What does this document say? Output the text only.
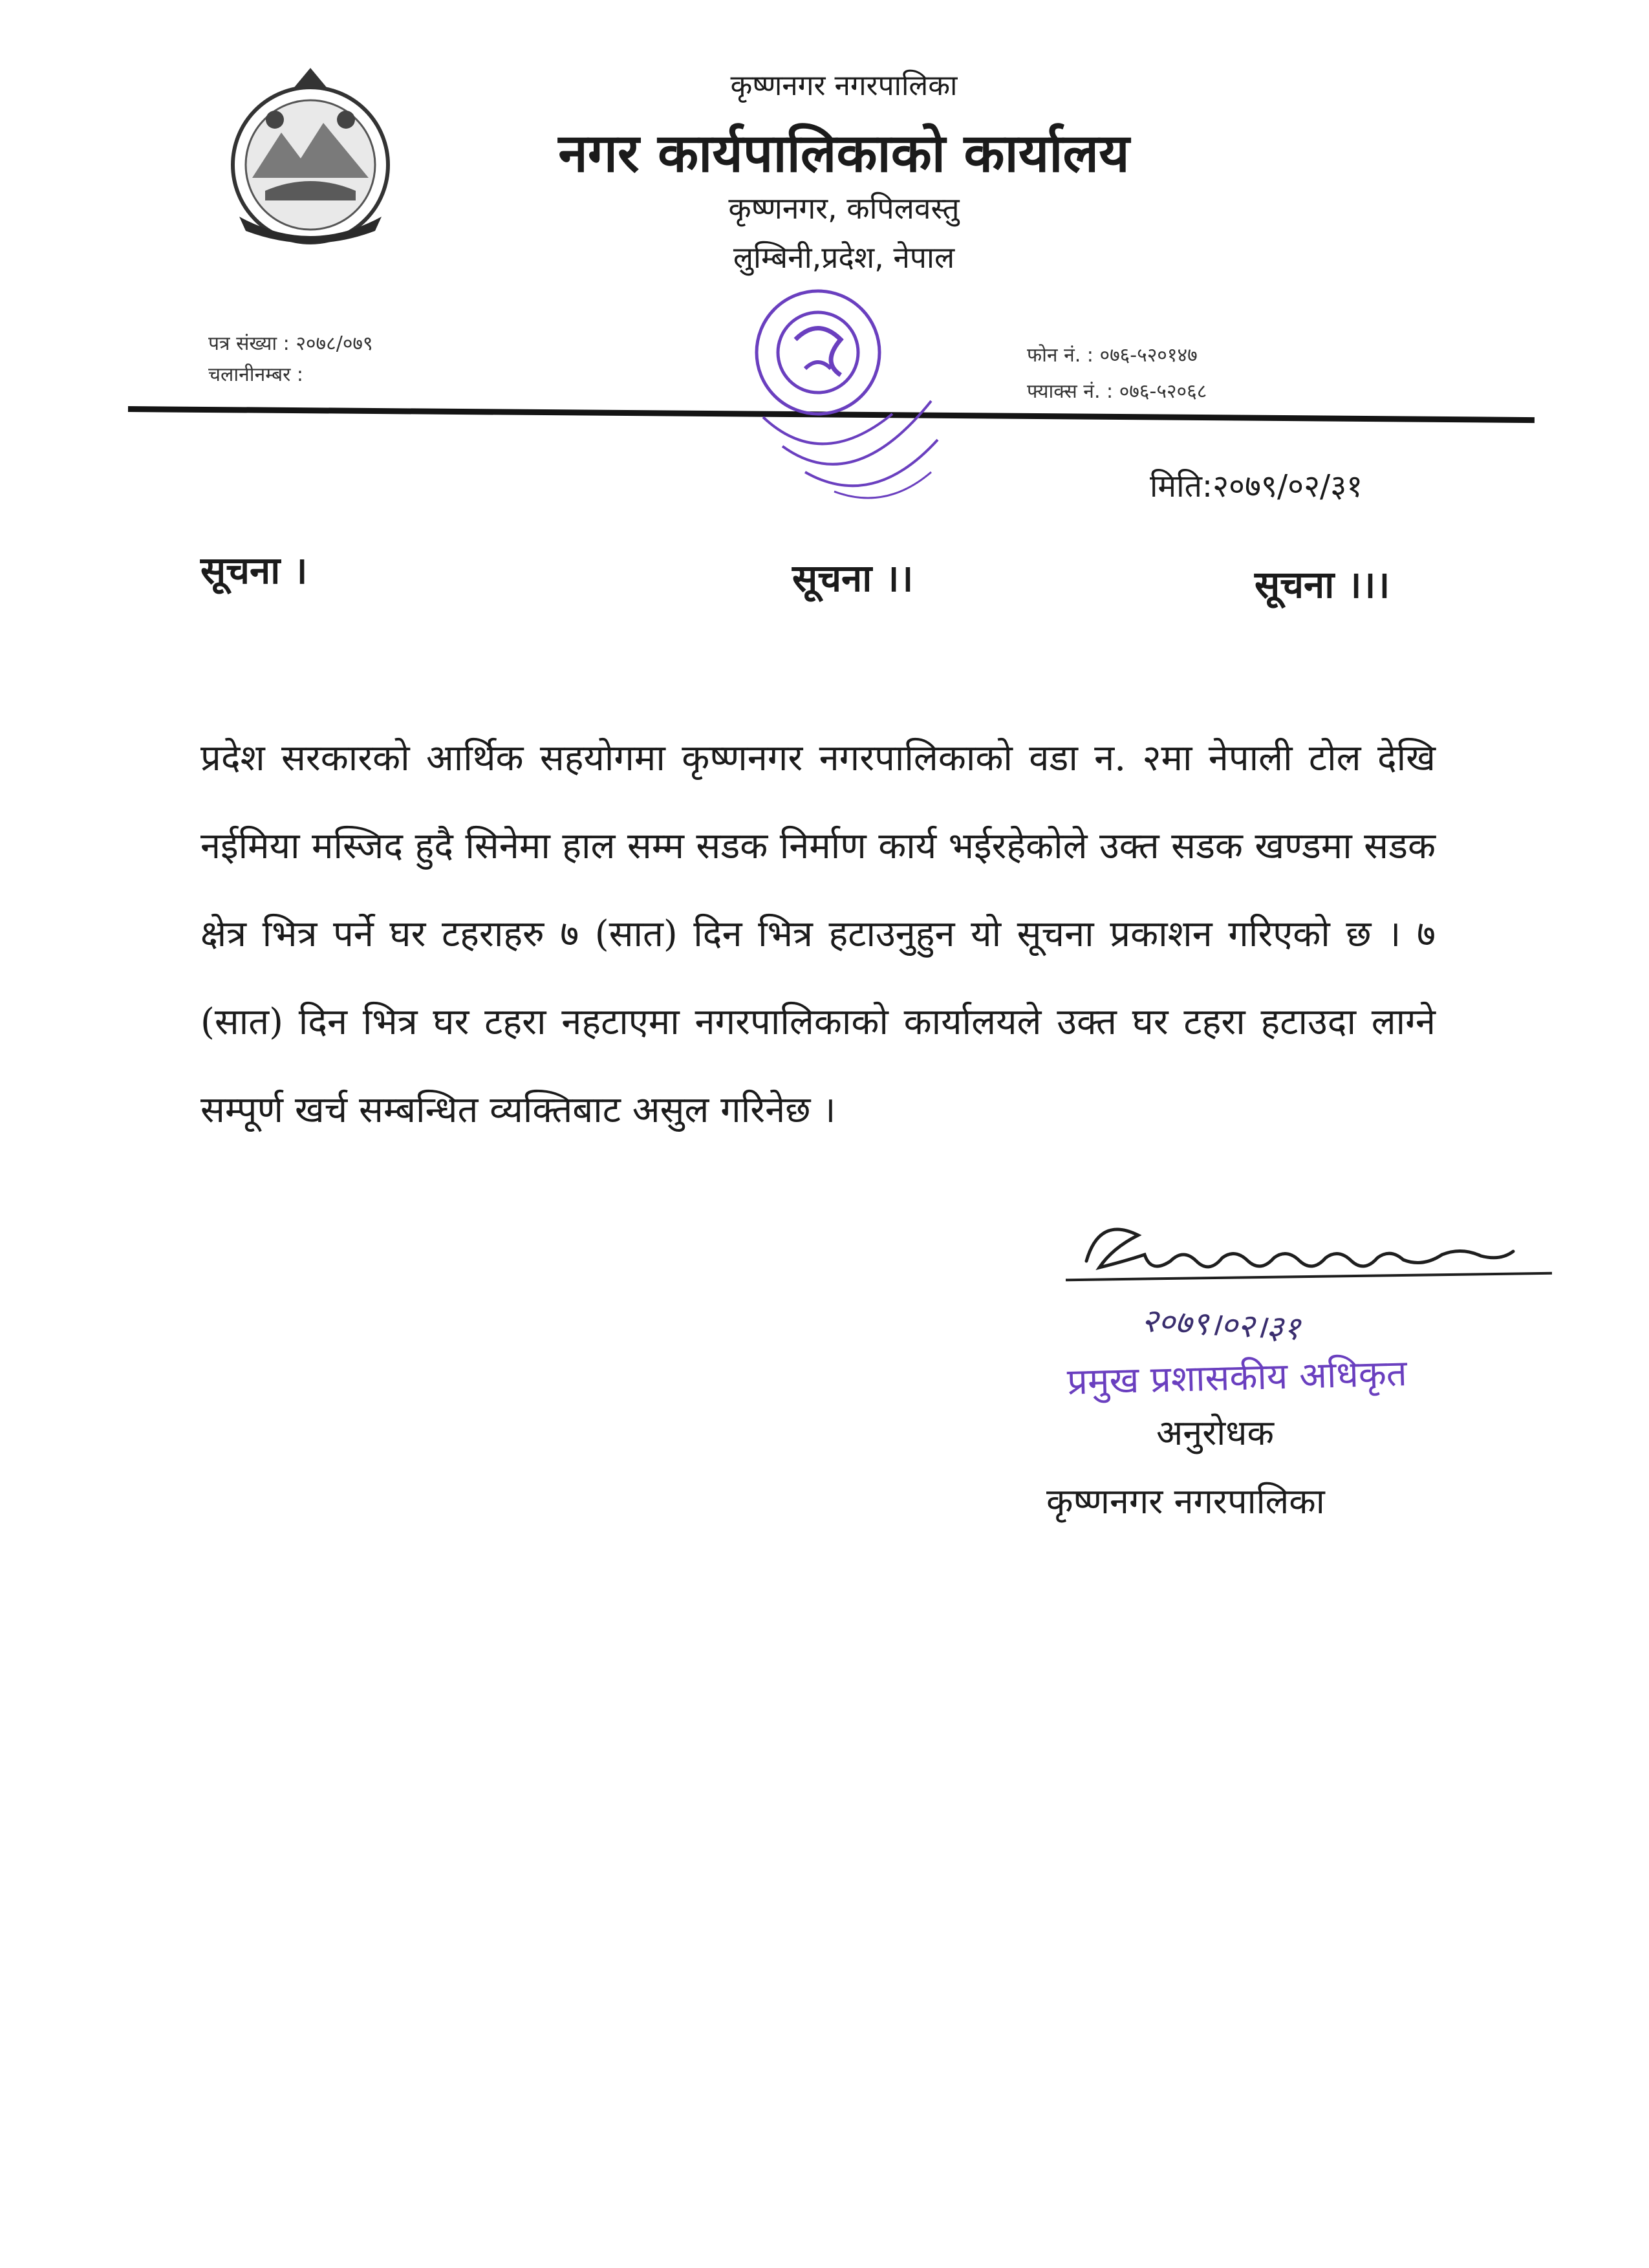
कृष्णनगर नगरपालिका
नगर कार्यपालिकाको कार्यालय
कृष्णनगर, कपिलवस्तु
लुम्बिनी,प्रदेश, नेपाल
पत्र संख्या : २०७८/०७९
चलानीनम्बर :
फोन नं. : ०७६-५२०१४७
फ्याक्स नं. : ०७६-५२०६८
मिति:२०७९/०२/३१
सूचना ।	सूचना ।।	सूचना ।।।
प्रदेश सरकारको आर्थिक सहयोगमा कृष्णनगर नगरपालिकाको वडा न. २मा नेपाली टोल देखि नईमिया मस्जिद हुदै सिनेमा हाल सम्म सडक निर्माण कार्य भईरहेकोले उक्त सडक खण्डमा सडक क्षेत्र भित्र पर्ने घर टहराहरु ७ (सात) दिन भित्र हटाउनुहुन यो सूचना प्रकाशन गरिएको छ । ७ (सात) दिन भित्र घर टहरा नहटाएमा नगरपालिकाको कार्यालयले उक्त घर टहरा हटाउदा लाग्ने सम्पूर्ण खर्च सम्बन्धित व्यक्तिबाट असुल गरिनेछ ।
२०७९।०२।३१
प्रमुख प्रशासकीय अधिकृत
अनुरोधक
कृष्णनगर नगरपालिका
